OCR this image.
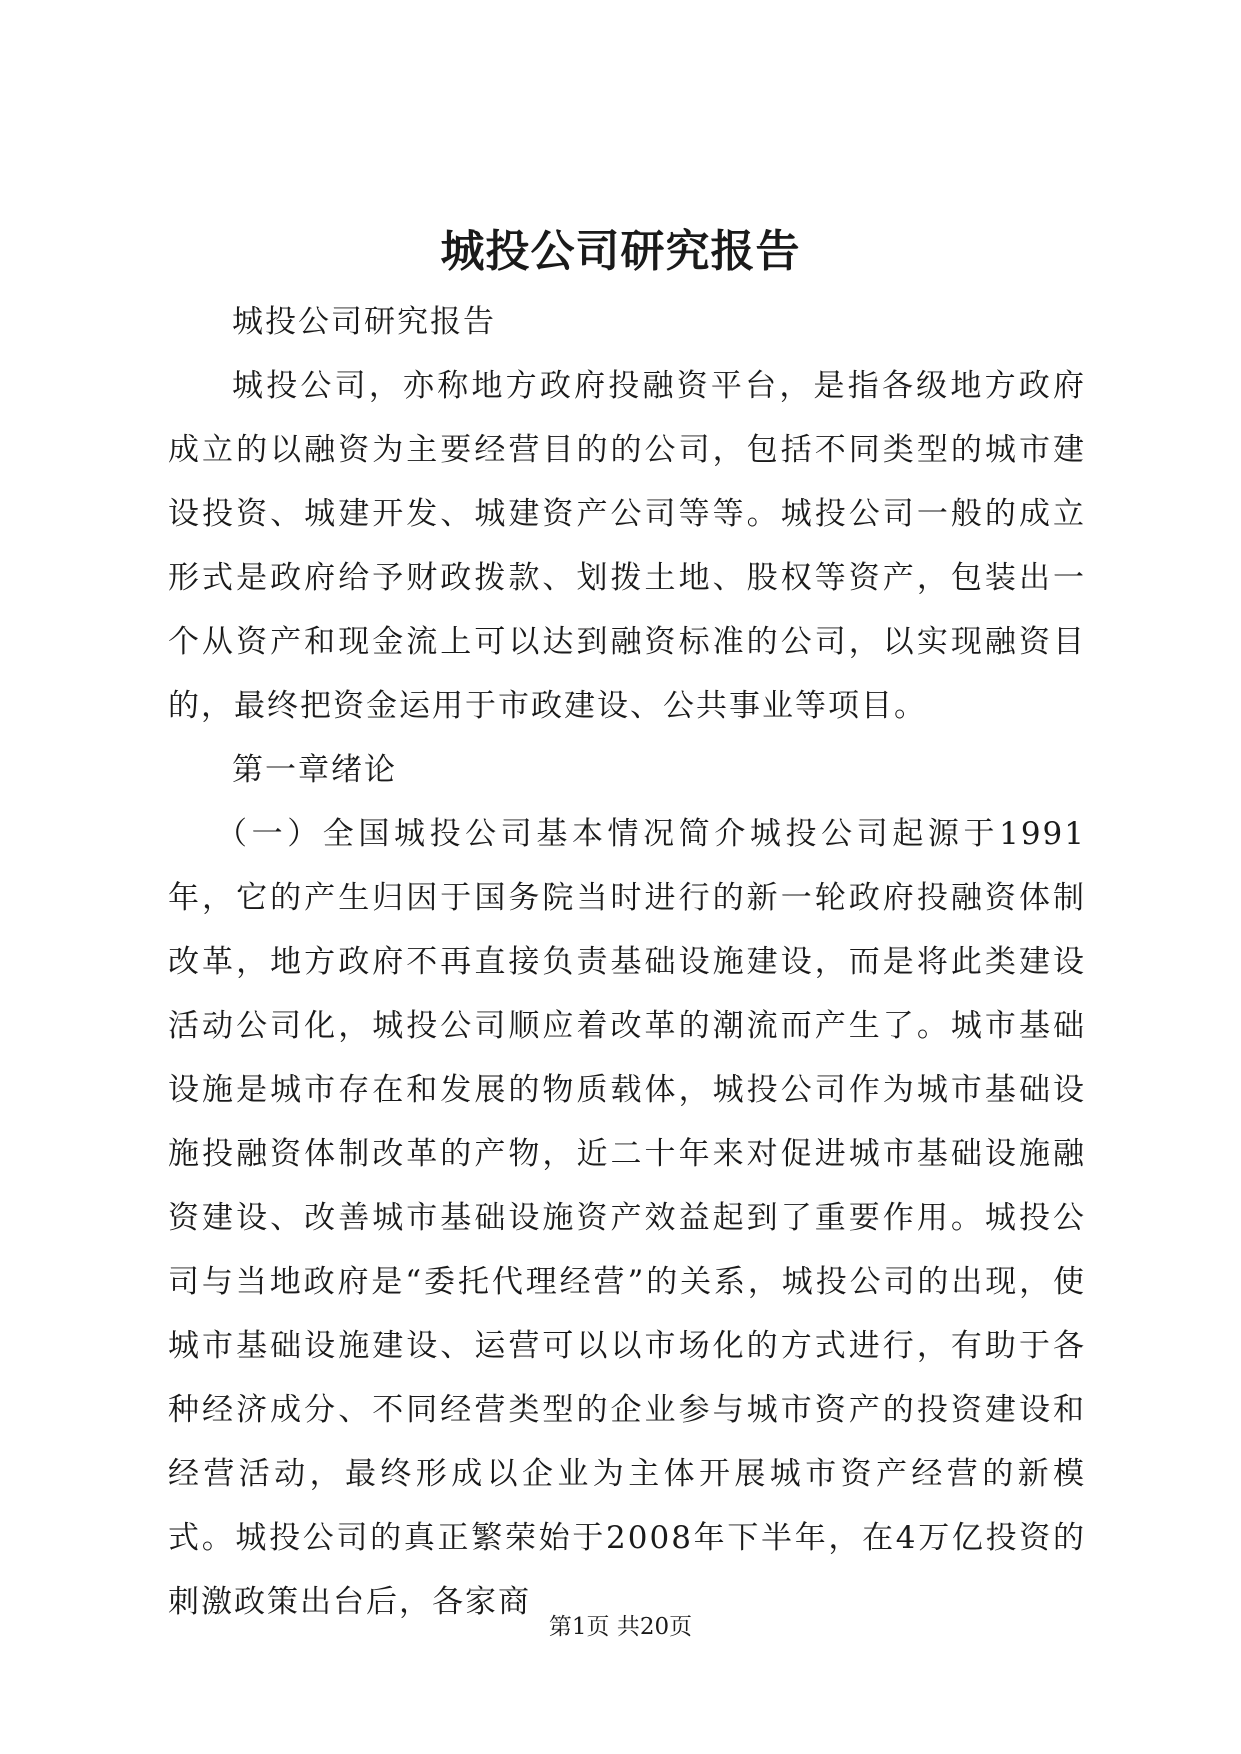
城投公司研究报告

城投公司研究报告

城投公司，亦称地方政府投融资平台，是指各级地方政府成立的以融资为主要经营目的的公司，包括不同类型的城市建设投资、城建开发、城建资产公司等等。城投公司一般的成立形式是政府给予财政拨款、划拨土地、股权等资产，包装出一个从资产和现金流上可以达到融资标准的公司，以实现融资目的，最终把资金运用于市政建设、公共事业等项目。

第一章绪论

（一）全国城投公司基本情况简介城投公司起源于1991年，它的产生归因于国务院当时进行的新一轮政府投融资体制改革，地方政府不再直接负责基础设施建设，而是将此类建设活动公司化，城投公司顺应着改革的潮流而产生了。城市基础设施是城市存在和发展的物质载体，城投公司作为城市基础设施投融资体制改革的产物，近二十年来对促进城市基础设施融资建设、改善城市基础设施资产效益起到了重要作用。城投公司与当地政府是“委托代理经营”的关系，城投公司的出现，使城市基础设施建设、运营可以以市场化的方式进行，有助于各种经济成分、不同经营类型的企业参与城市资产的投资建设和经营活动，最终形成以企业为主体开展城市资产经营的新模式。城投公司的真正繁荣始于2008年下半年，在4万亿投资的刺激政策出台后，各家商

第1页 共20页
